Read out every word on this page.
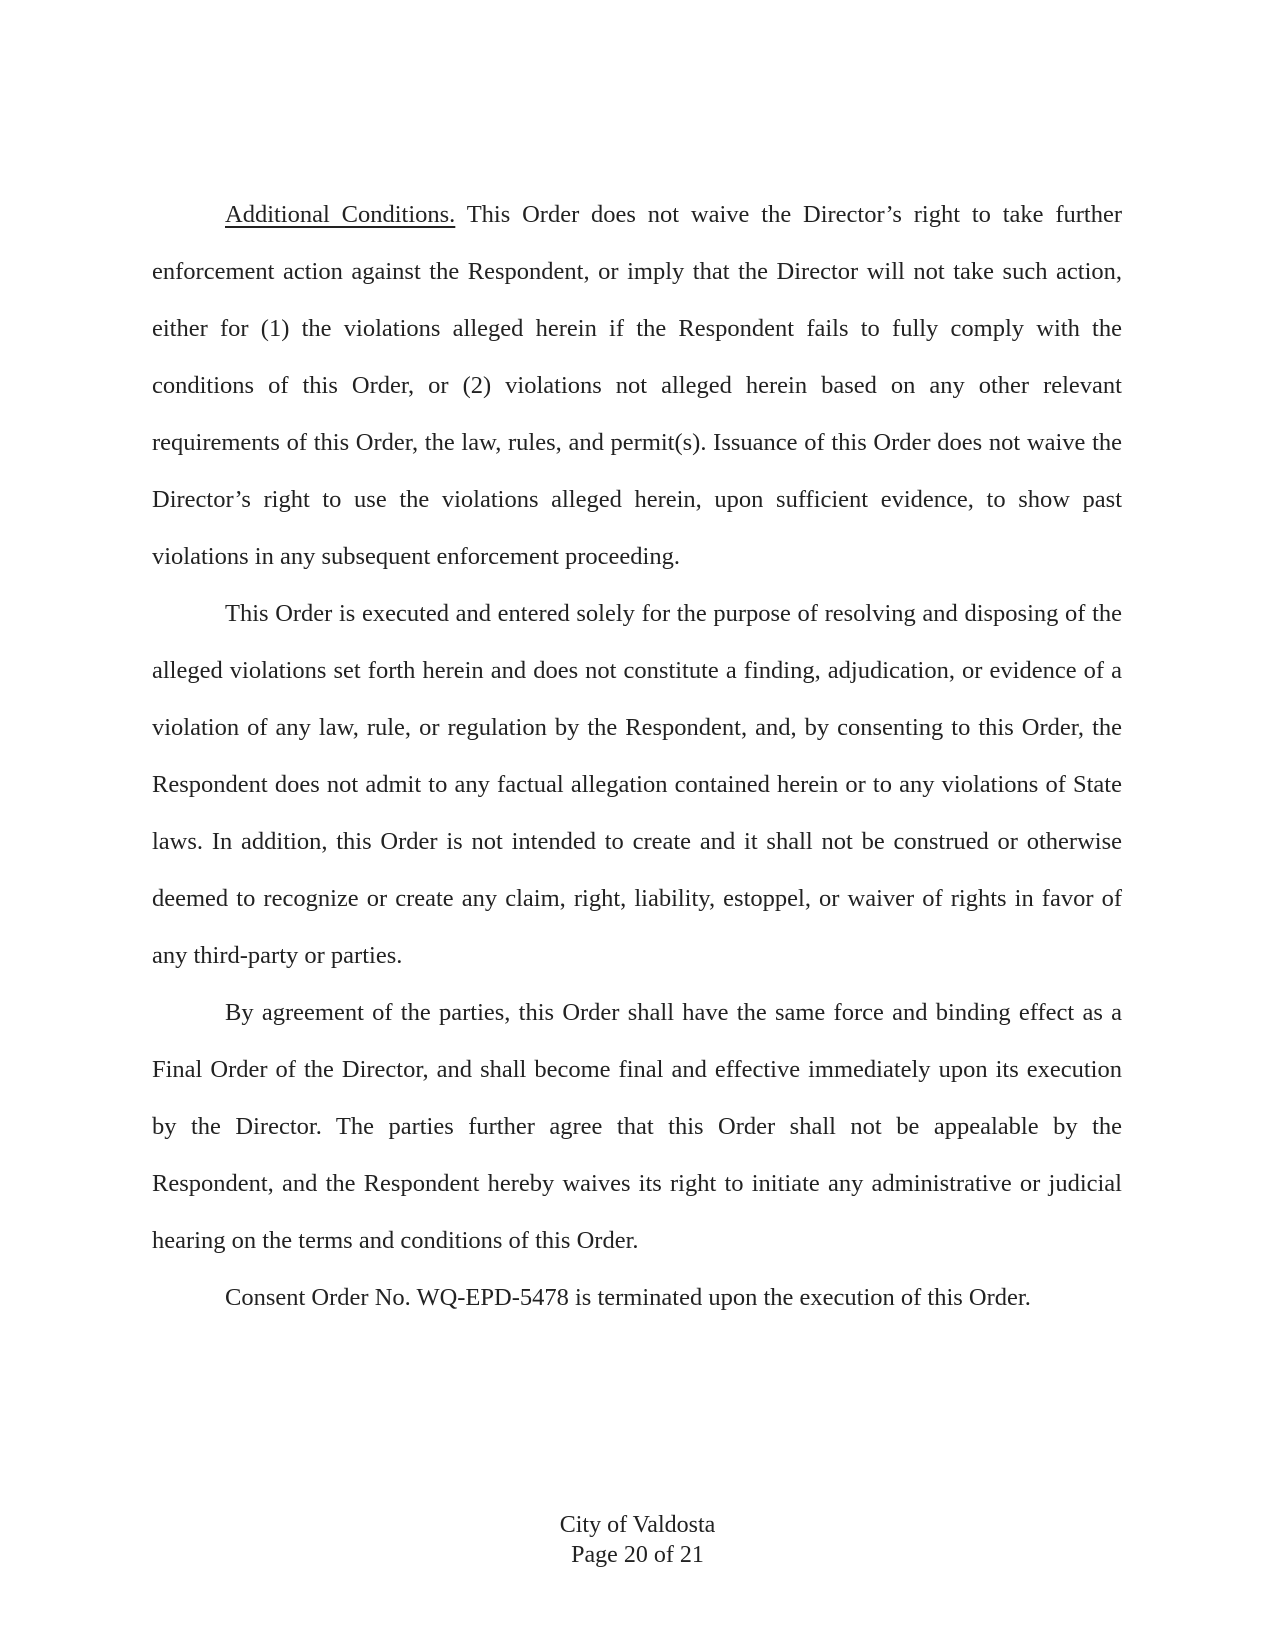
Additional Conditions. This Order does not waive the Director’s right to take further enforcement action against the Respondent, or imply that the Director will not take such action, either for (1) the violations alleged herein if the Respondent fails to fully comply with the conditions of this Order, or (2) violations not alleged herein based on any other relevant requirements of this Order, the law, rules, and permit(s). Issuance of this Order does not waive the Director’s right to use the violations alleged herein, upon sufficient evidence, to show past violations in any subsequent enforcement proceeding.

This Order is executed and entered solely for the purpose of resolving and disposing of the alleged violations set forth herein and does not constitute a finding, adjudication, or evidence of a violation of any law, rule, or regulation by the Respondent, and, by consenting to this Order, the Respondent does not admit to any factual allegation contained herein or to any violations of State laws. In addition, this Order is not intended to create and it shall not be construed or otherwise deemed to recognize or create any claim, right, liability, estoppel, or waiver of rights in favor of any third-party or parties.

By agreement of the parties, this Order shall have the same force and binding effect as a Final Order of the Director, and shall become final and effective immediately upon its execution by the Director. The parties further agree that this Order shall not be appealable by the Respondent, and the Respondent hereby waives its right to initiate any administrative or judicial hearing on the terms and conditions of this Order.

Consent Order No. WQ-EPD-5478 is terminated upon the execution of this Order.

City of Valdosta
Page 20 of 21
